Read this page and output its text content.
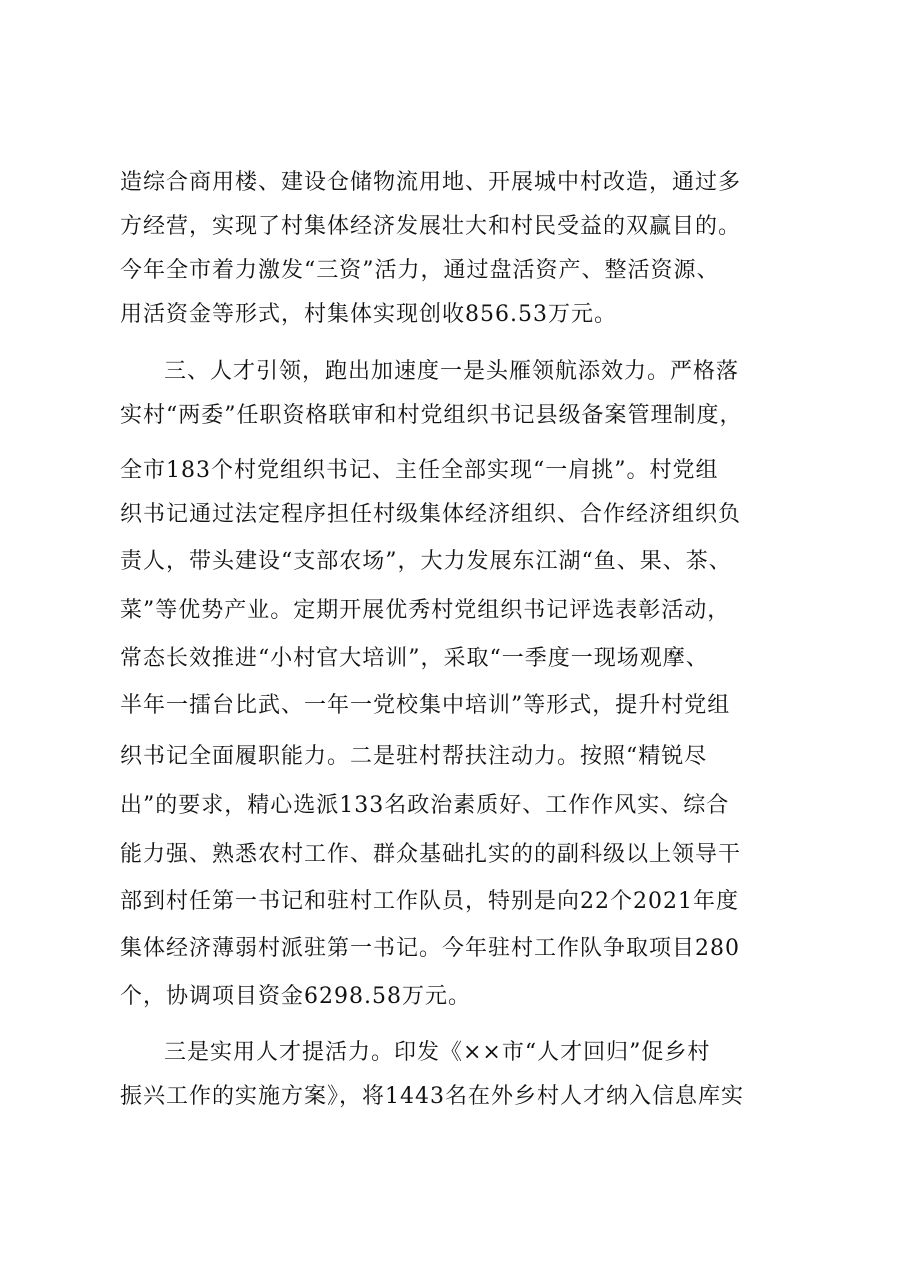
造综合商用楼、建设仓储物流用地、开展城中村改造，通过多
方经营，实现了村集体经济发展壮大和村民受益的双赢目的。
今年全市着力激发“三资”活力，通过盘活资产、整活资源、
用活资金等形式，村集体实现创收856.53万元。
三、人才引领，跑出加速度一是头雁领航添效力。严格落
实村“两委”任职资格联审和村党组织书记县级备案管理制度，
全市183个村党组织书记、主任全部实现“一肩挑”。村党组
织书记通过法定程序担任村级集体经济组织、合作经济组织负
责人，带头建设“支部农场”，大力发展东江湖“鱼、果、茶、
菜”等优势产业。定期开展优秀村党组织书记评选表彰活动，
常态长效推进“小村官大培训”，采取“一季度一现场观摩、
半年一擂台比武、一年一党校集中培训”等形式，提升村党组
织书记全面履职能力。二是驻村帮扶注动力。按照“精锐尽
出”的要求，精心选派133名政治素质好、工作作风实、综合
能力强、熟悉农村工作、群众基础扎实的的副科级以上领导干
部到村任第一书记和驻村工作队员，特别是向22个2021年度
集体经济薄弱村派驻第一书记。今年驻村工作队争取项目280
个，协调项目资金6298.58万元。
三是实用人才提活力。印发《××市“人才回归”促乡村
振兴工作的实施方案》，将1443名在外乡村人才纳入信息库实
